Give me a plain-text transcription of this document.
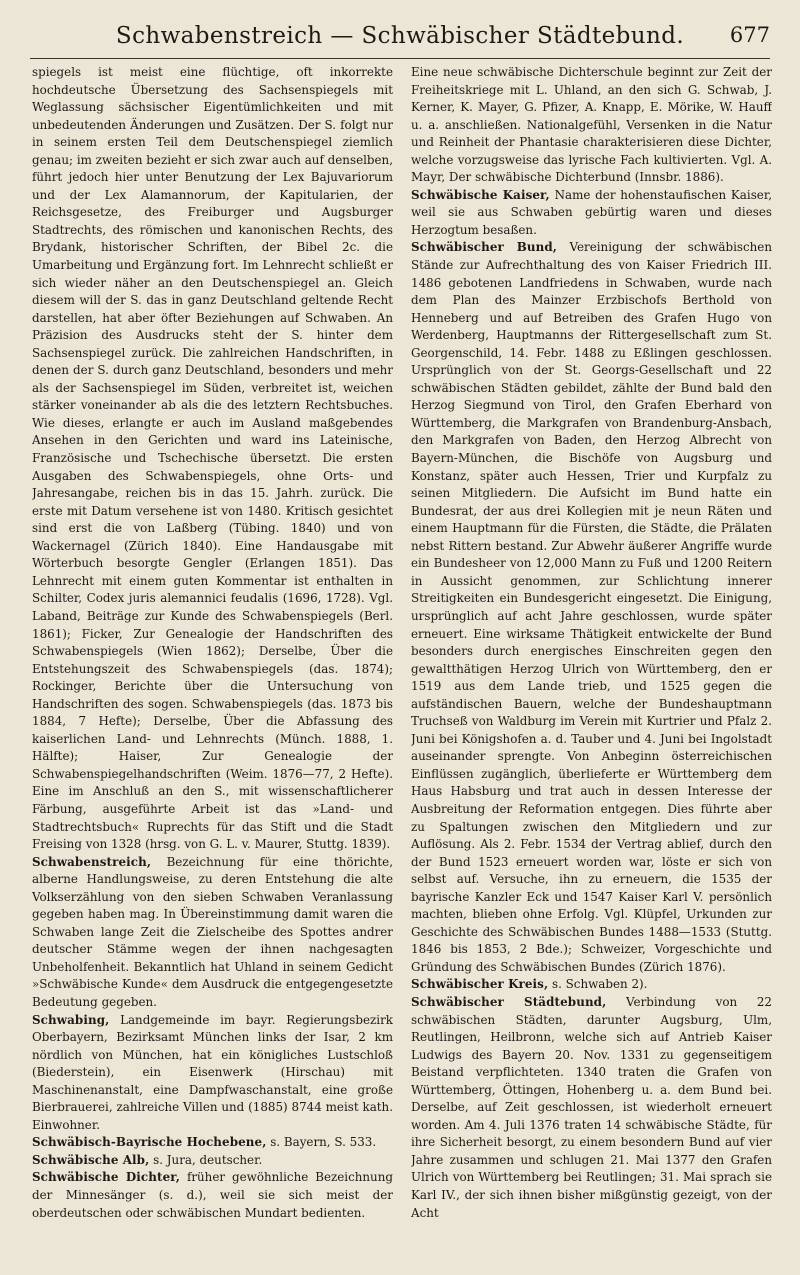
Schwabenstreich — Schwäbischer Städtebund. 677

spiegels ist meist eine flüchtige, oft inkorrekte hochdeutsche Übersetzung des Sachsenspiegels mit Weglassung sächsischer Eigentümlichkeiten und mit unbedeutenden Änderungen und Zusätzen. Der S. folgt nur in seinem ersten Teil dem Deutschenspiegel ziemlich genau; im zweiten bezieht er sich zwar auch auf denselben, führt jedoch hier unter Benutzung der Lex Bajuvariorum und der Lex Alamannorum, der Kapitularien, der Reichsgesetze, des Freiburger und Augsburger Stadtrechts, des römischen und kanonischen Rechts, des Brydank, historischer Schriften, der Bibel 2c. die Umarbeitung und Ergänzung fort. Im Lehnrecht schließt er sich wieder näher an den Deutschenspiegel an. Gleich diesem will der S. das in ganz Deutschland geltende Recht darstellen, hat aber öfter Beziehungen auf Schwaben. An Präzision des Ausdrucks steht der S. hinter dem Sachsenspiegel zurück. Die zahlreichen Handschriften, in denen der S. durch ganz Deutschland, besonders und mehr als der Sachsenspiegel im Süden, verbreitet ist, weichen stärker voneinander ab als die des letztern Rechtsbuches. Wie dieses, erlangte er auch im Ausland maßgebendes Ansehen in den Gerichten und ward ins Lateinische, Französische und Tschechische übersetzt. Die ersten Ausgaben des Schwabenspiegels, ohne Orts- und Jahresangabe, reichen bis in das 15. Jahrh. zurück. Die erste mit Datum versehene ist von 1480. Kritisch gesichtet sind erst die von Laßberg (Tübing. 1840) und von Wackernagel (Zürich 1840). Eine Handausgabe mit Wörterbuch besorgte Gengler (Erlangen 1851). Das Lehnrecht mit einem guten Kommentar ist enthalten in Schilter, Codex juris alemannici feudalis (1696, 1728). Vgl. Laband, Beiträge zur Kunde des Schwabenspiegels (Berl. 1861); Ficker, Zur Genealogie der Handschriften des Schwabenspiegels (Wien 1862); Derselbe, Über die Entstehungszeit des Schwabenspiegels (das. 1874); Rockinger, Berichte über die Untersuchung von Handschriften des sogen. Schwabenspiegels (das. 1873 bis 1884, 7 Hefte); Derselbe, Über die Abfassung des kaiserlichen Land- und Lehnrechts (Münch. 1888, 1. Hälfte); Haiser, Zur Genealogie der Schwabenspiegelhandschriften (Weim. 1876—77, 2 Hefte). Eine im Anschluß an den S., mit wissenschaftlicherer Färbung, ausgeführte Arbeit ist das »Land- und Stadtrechtsbuch« Ruprechts für das Stift und die Stadt Freising von 1328 (hrsg. von G. L. v. Maurer, Stuttg. 1839).

Schwabenstreich, Bezeichnung für eine thörichte, alberne Handlungsweise, zu deren Entstehung die alte Volkserzählung von den sieben Schwaben Veranlassung gegeben haben mag. In Übereinstimmung damit waren die Schwaben lange Zeit die Zielscheibe des Spottes andrer deutscher Stämme wegen der ihnen nachgesagten Unbeholfenheit. Bekanntlich hat Uhland in seinem Gedicht »Schwäbische Kunde« dem Ausdruck die entgegengesetzte Bedeutung gegeben.

Schwabing, Landgemeinde im bayr. Regierungsbezirk Oberbayern, Bezirksamt München links der Isar, 2 km nördlich von München, hat ein königliches Lustschloß (Biederstein), ein Eisenwerk (Hirschau) mit Maschinenanstalt, eine Dampfwaschanstalt, eine große Bierbrauerei, zahlreiche Villen und (1885) 8744 meist kath. Einwohner.

Schwäbisch-Bayrische Hochebene, s. Bayern, S. 533.

Schwäbische Alb, s. Jura, deutscher.

Schwäbische Dichter, früher gewöhnliche Bezeichnung der Minnesänger (s. d.), weil sie sich meist der oberdeutschen oder schwäbischen Mundart bedienten.

Eine neue schwäbische Dichterschule beginnt zur Zeit der Freiheitskriege mit L. Uhland, an den sich G. Schwab, J. Kerner, K. Mayer, G. Pfizer, A. Knapp, E. Mörike, W. Hauff u. a. anschließen. Nationalgefühl, Versenken in die Natur und Reinheit der Phantasie charakterisieren diese Dichter, welche vorzugsweise das lyrische Fach kultivierten. Vgl. A. Mayr, Der schwäbische Dichterbund (Innsbr. 1886).

Schwäbische Kaiser, Name der hohenstaufischen Kaiser, weil sie aus Schwaben gebürtig waren und dieses Herzogtum besaßen.

Schwäbischer Bund, Vereinigung der schwäbischen Stände zur Aufrechthaltung des von Kaiser Friedrich III. 1486 gebotenen Landfriedens in Schwaben, wurde nach dem Plan des Mainzer Erzbischofs Berthold von Henneberg und auf Betreiben des Grafen Hugo von Werdenberg, Hauptmanns der Rittergesellschaft zum St. Georgenschild, 14. Febr. 1488 zu Eßlingen geschlossen. Ursprünglich von der St. Georgs-Gesellschaft und 22 schwäbischen Städten gebildet, zählte der Bund bald den Herzog Siegmund von Tirol, den Grafen Eberhard von Württemberg, die Markgrafen von Brandenburg-Ansbach, den Markgrafen von Baden, den Herzog Albrecht von Bayern-München, die Bischöfe von Augsburg und Konstanz, später auch Hessen, Trier und Kurpfalz zu seinen Mitgliedern. Die Aufsicht im Bund hatte ein Bundesrat, der aus drei Kollegien mit je neun Räten und einem Hauptmann für die Fürsten, die Städte, die Prälaten nebst Rittern bestand. Zur Abwehr äußerer Angriffe wurde ein Bundesheer von 12,000 Mann zu Fuß und 1200 Reitern in Aussicht genommen, zur Schlichtung innerer Streitigkeiten ein Bundesgericht eingesetzt. Die Einigung, ursprünglich auf acht Jahre geschlossen, wurde später erneuert. Eine wirksame Thätigkeit entwickelte der Bund besonders durch energisches Einschreiten gegen den gewaltthätigen Herzog Ulrich von Württemberg, den er 1519 aus dem Lande trieb, und 1525 gegen die aufständischen Bauern, welche der Bundeshauptmann Truchseß von Waldburg im Verein mit Kurtrier und Pfalz 2. Juni bei Königshofen a. d. Tauber und 4. Juni bei Ingolstadt auseinander sprengte. Von Anbeginn österreichischen Einflüssen zugänglich, überlieferte er Württemberg dem Haus Habsburg und trat auch in dessen Interesse der Ausbreitung der Reformation entgegen. Dies führte aber zu Spaltungen zwischen den Mitgliedern und zur Auflösung. Als 2. Febr. 1534 der Vertrag ablief, durch den der Bund 1523 erneuert worden war, löste er sich von selbst auf. Versuche, ihn zu erneuern, die 1535 der bayrische Kanzler Eck und 1547 Kaiser Karl V. persönlich machten, blieben ohne Erfolg. Vgl. Klüpfel, Urkunden zur Geschichte des Schwäbischen Bundes 1488—1533 (Stuttg. 1846 bis 1853, 2 Bde.); Schweizer, Vorgeschichte und Gründung des Schwäbischen Bundes (Zürich 1876).

Schwäbischer Kreis, s. Schwaben 2).

Schwäbischer Städtebund, Verbindung von 22 schwäbischen Städten, darunter Augsburg, Ulm, Reutlingen, Heilbronn, welche sich auf Antrieb Kaiser Ludwigs des Bayern 20. Nov. 1331 zu gegenseitigem Beistand verpflichteten. 1340 traten die Grafen von Württemberg, Öttingen, Hohenberg u. a. dem Bund bei. Derselbe, auf Zeit geschlossen, ist wiederholt erneuert worden. Am 4. Juli 1376 traten 14 schwäbische Städte, für ihre Sicherheit besorgt, zu einem besondern Bund auf vier Jahre zusammen und schlugen 21. Mai 1377 den Grafen Ulrich von Württemberg bei Reutlingen; 31. Mai sprach sie Karl IV., der sich ihnen bisher mißgünstig gezeigt, von der Acht
